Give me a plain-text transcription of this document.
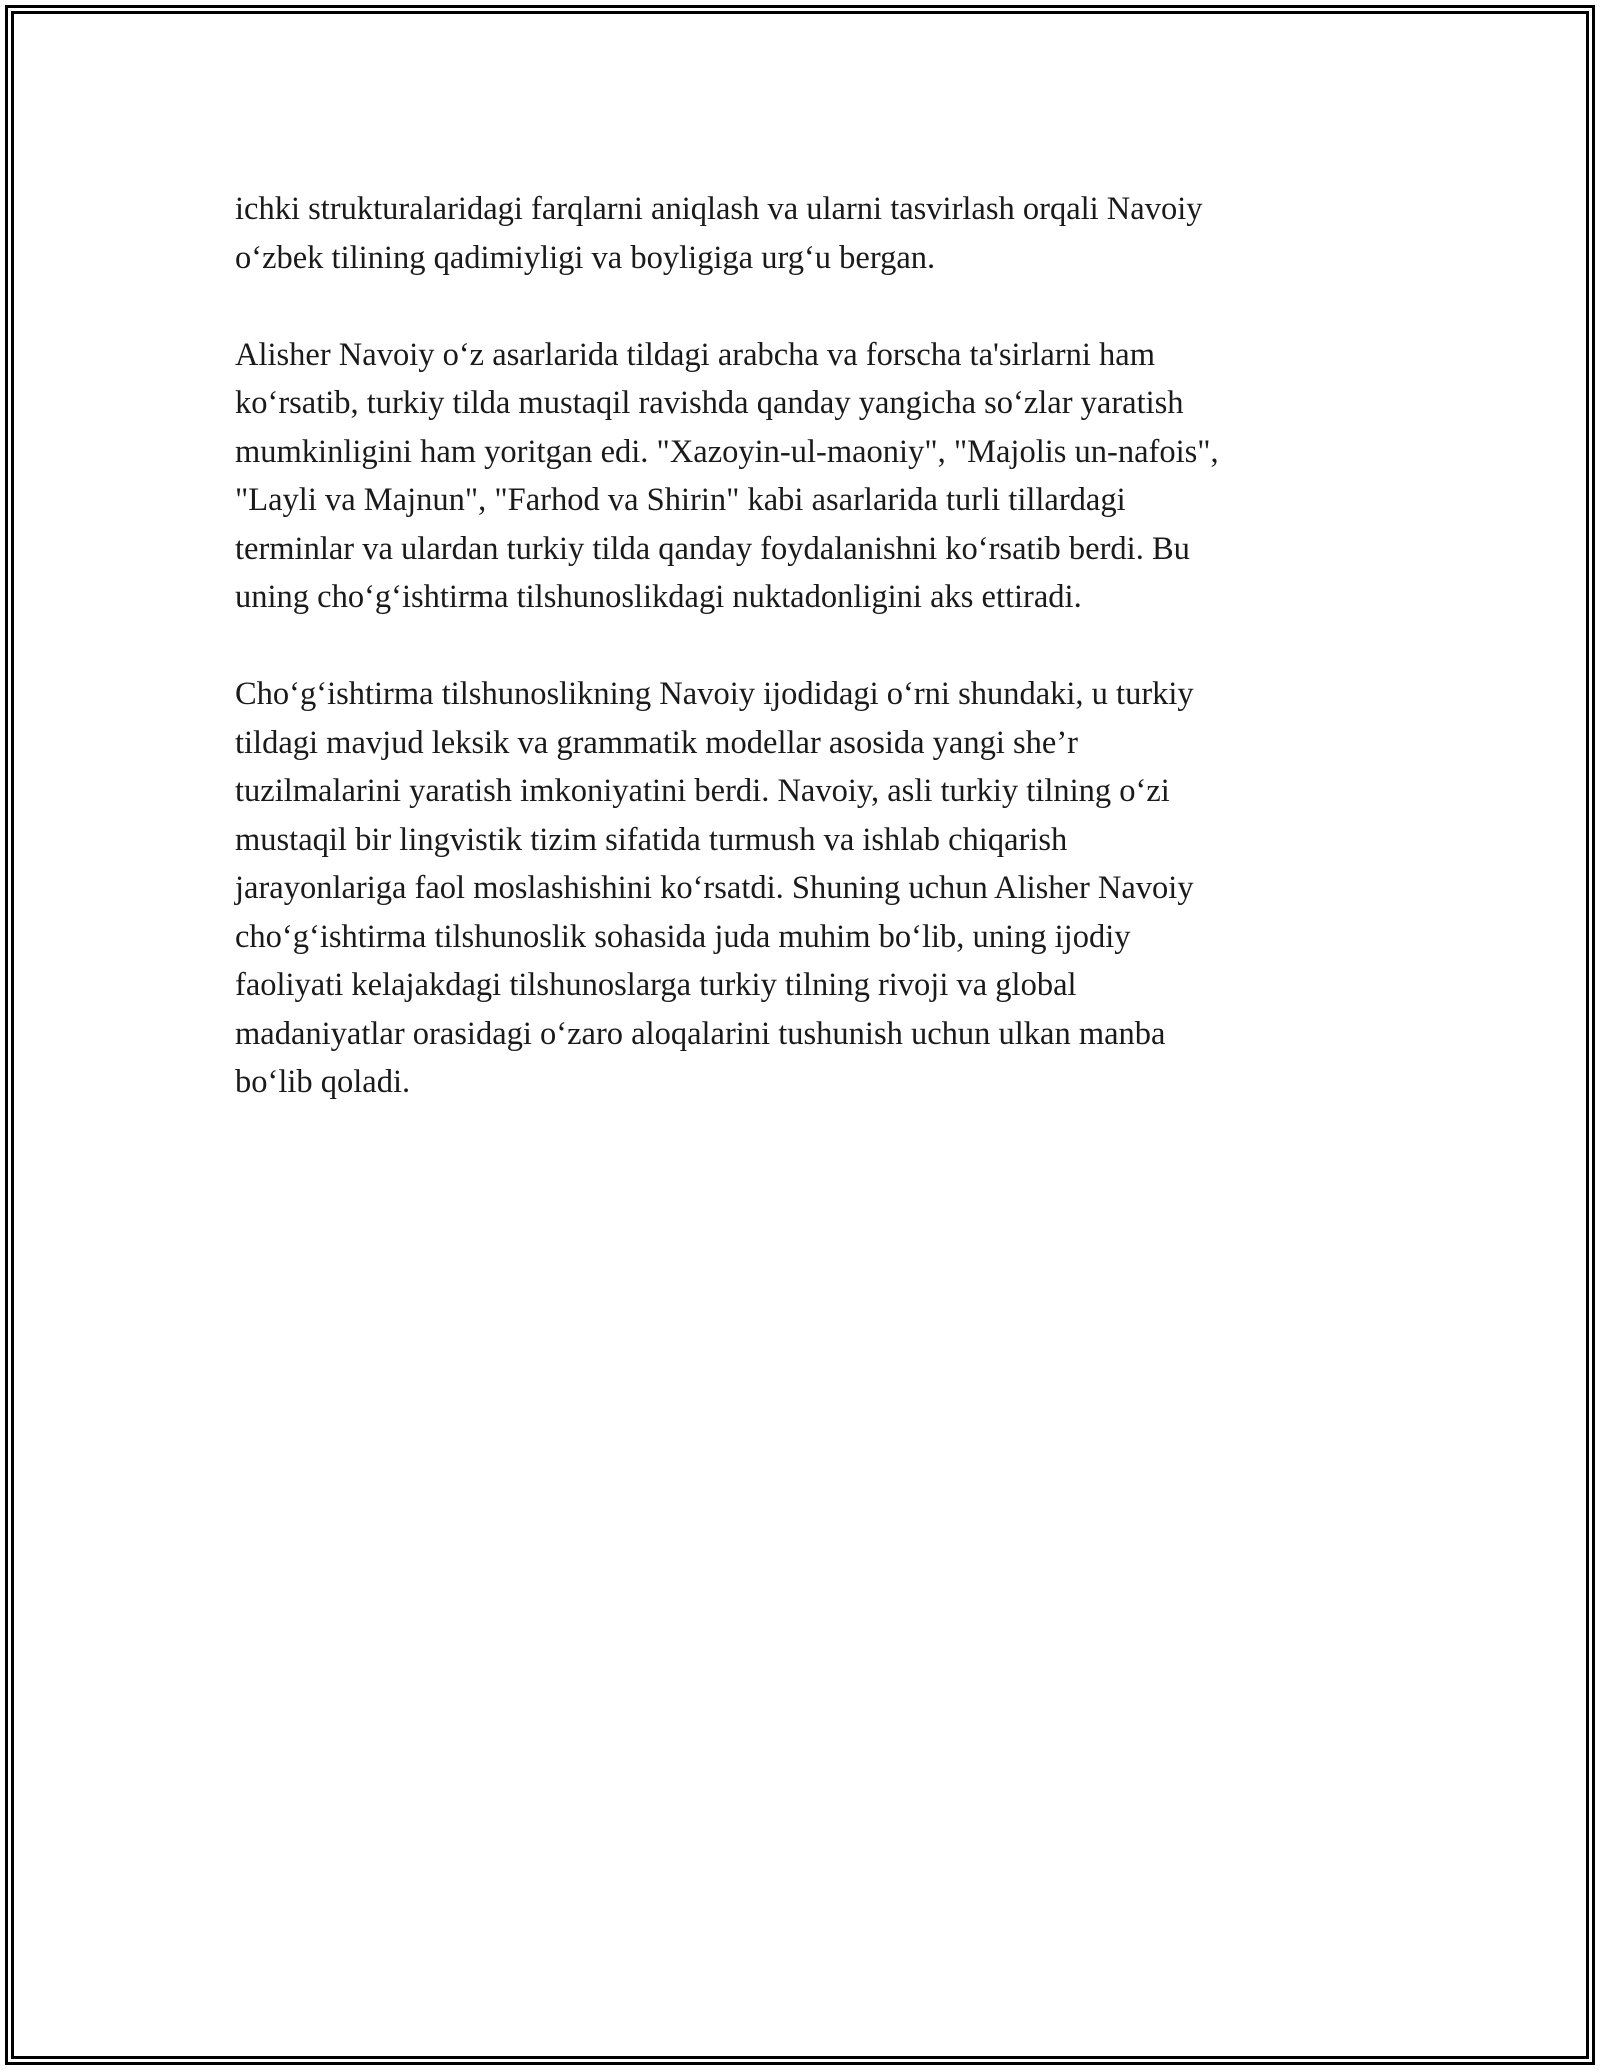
ichki strukturalaridagi farqlarni aniqlash va ularni tasvirlash orqali Navoiy
o‘zbek tilining qadimiyligi va boyligiga urg‘u bergan.

Alisher Navoiy o‘z asarlarida tildagi arabcha va forscha ta'sirlarni ham
ko‘rsatib, turkiy tilda mustaqil ravishda qanday yangicha so‘zlar yaratish
mumkinligini ham yoritgan edi. "Xazoyin-ul-maoniy", "Majolis un-nafois",
"Layli va Majnun", "Farhod va Shirin" kabi asarlarida turli tillardagi
terminlar va ulardan turkiy tilda qanday foydalanishni ko‘rsatib berdi. Bu
uning cho‘g‘ishtirma tilshunoslikdagi nuktadonligini aks ettiradi.

Cho‘g‘ishtirma tilshunoslikning Navoiy ijodidagi o‘rni shundaki, u turkiy
tildagi mavjud leksik va grammatik modellar asosida yangi she’r
tuzilmalarini yaratish imkoniyatini berdi. Navoiy, asli turkiy tilning o‘zi
mustaqil bir lingvistik tizim sifatida turmush va ishlab chiqarish
jarayonlariga faol moslashishini ko‘rsatdi. Shuning uchun Alisher Navoiy
cho‘g‘ishtirma tilshunoslik sohasida juda muhim bo‘lib, uning ijodiy
faoliyati kelajakdagi tilshunoslarga turkiy tilning rivoji va global
madaniyatlar orasidagi o‘zaro aloqalarini tushunish uchun ulkan manba
bo‘lib qoladi.
